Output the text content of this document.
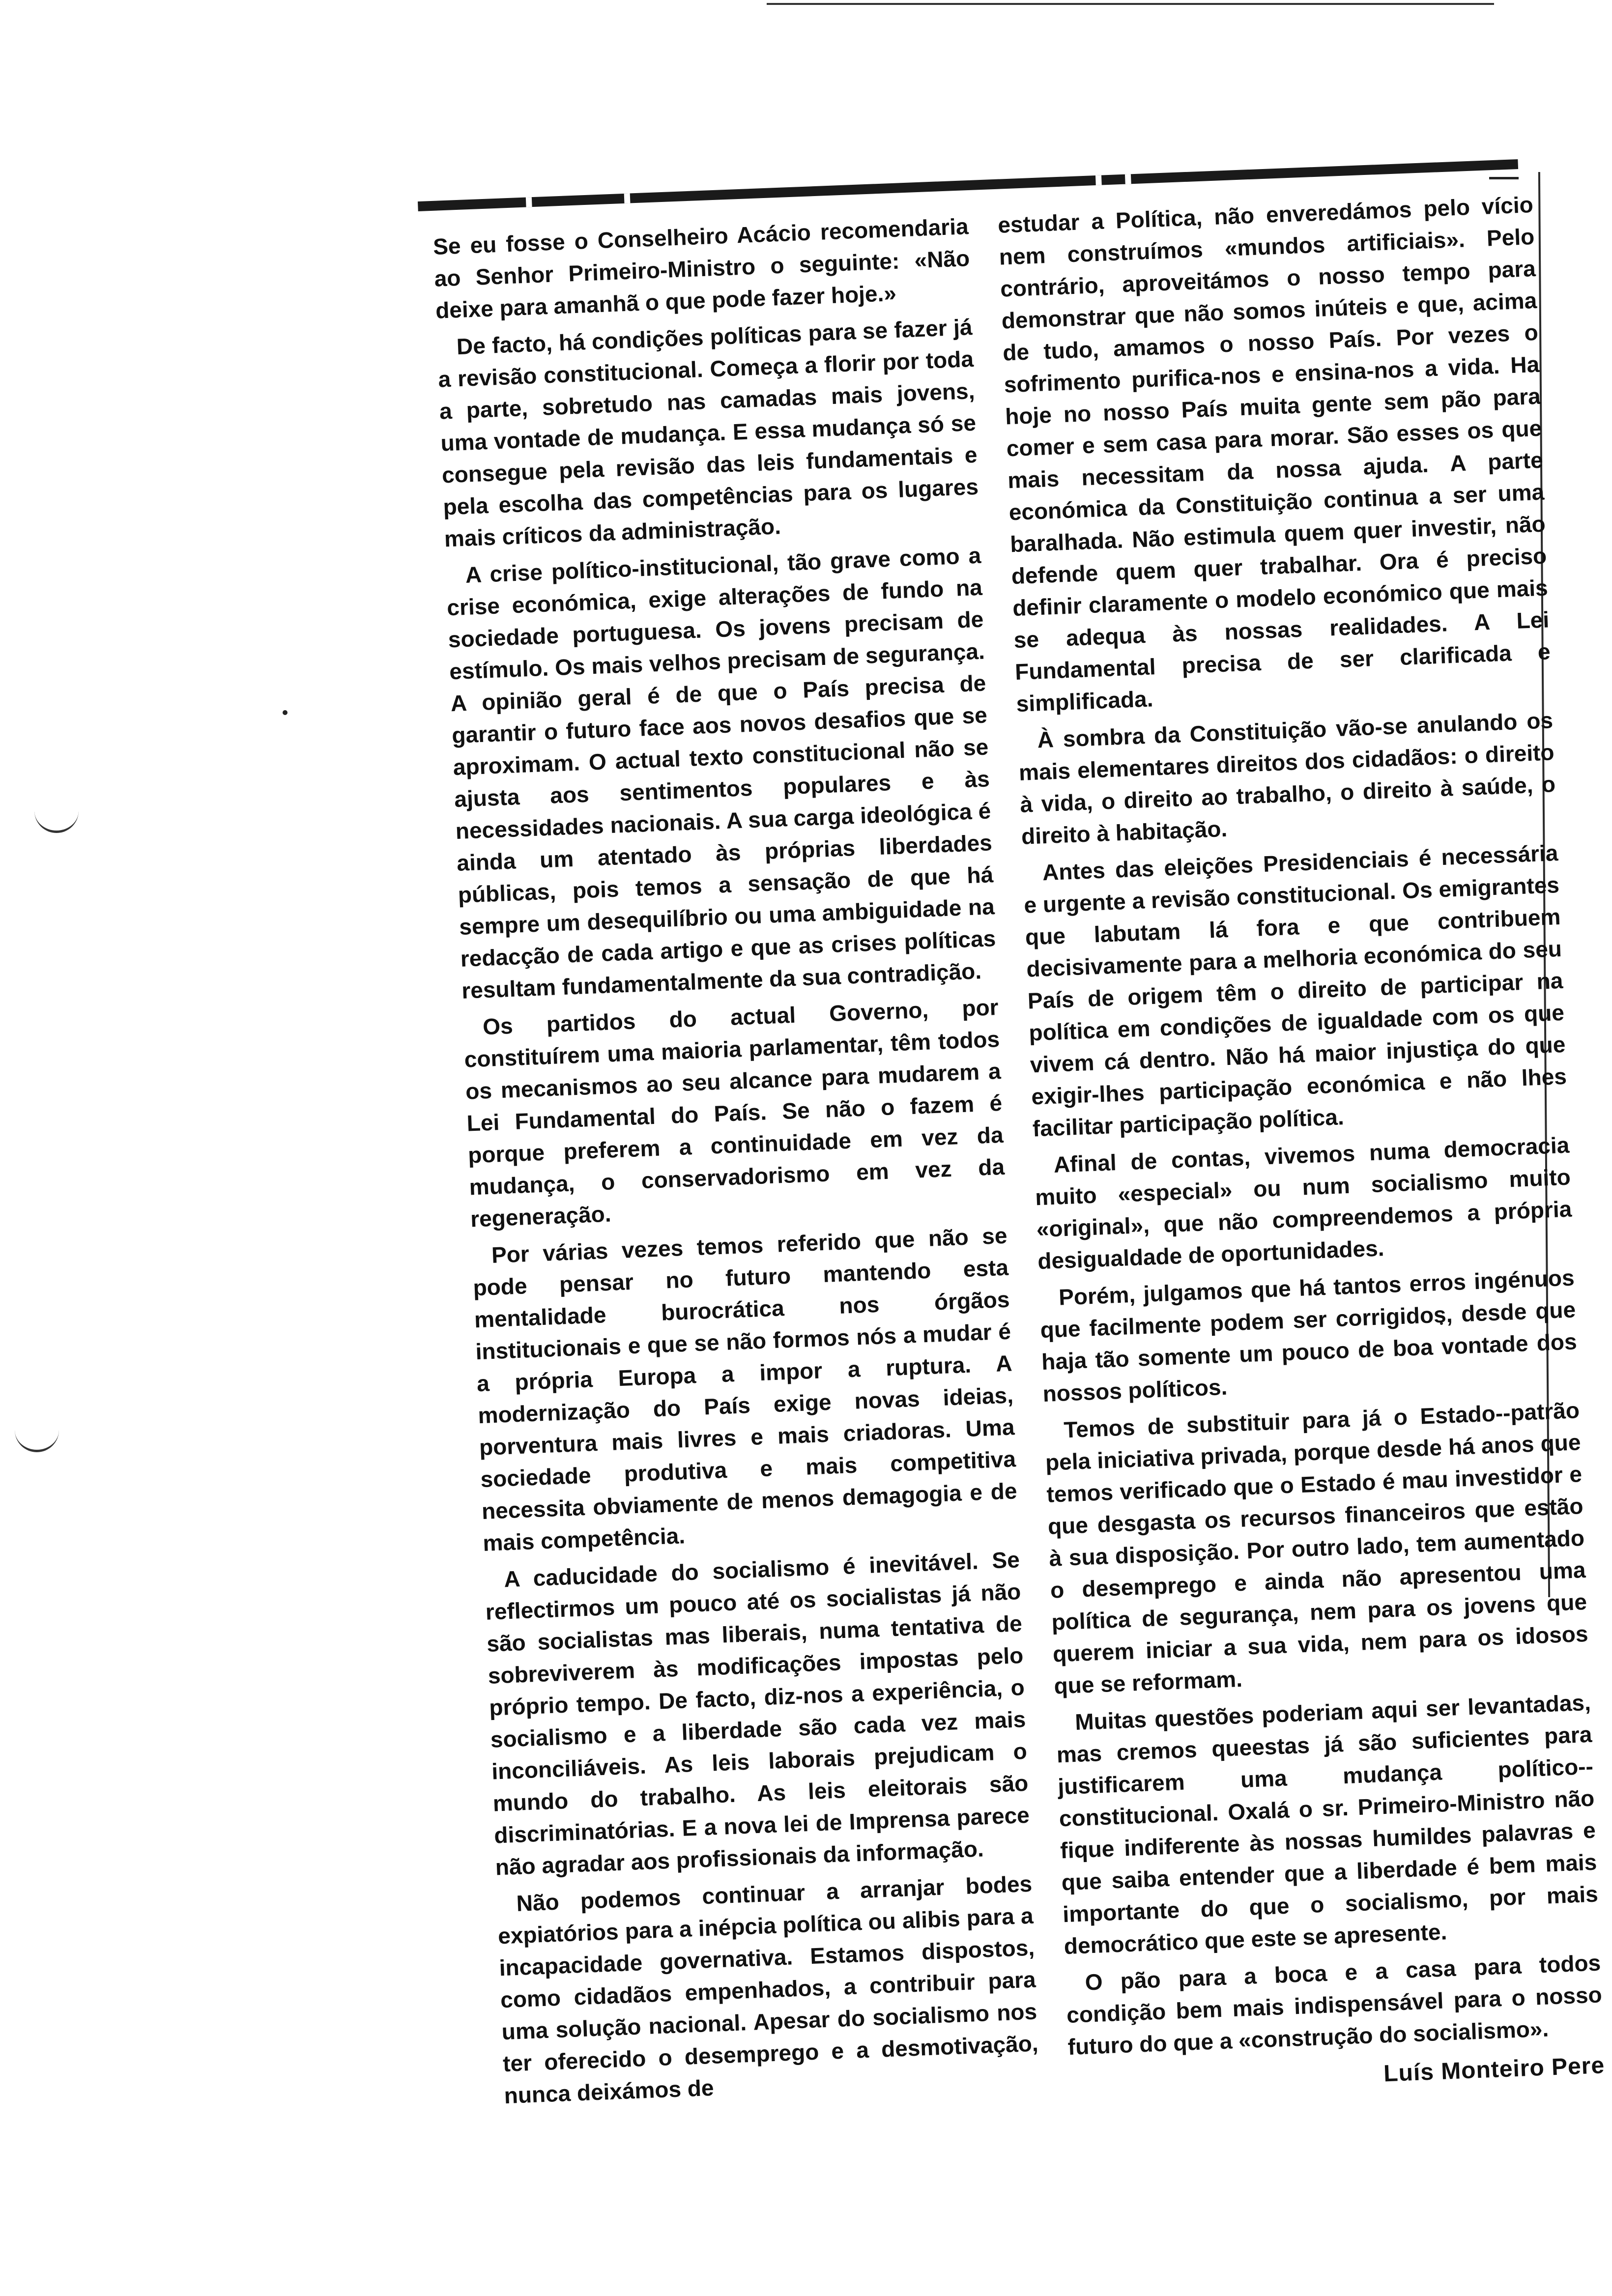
Se eu fosse o Conselheiro Acácio recomendaria ao Senhor Primeiro-Ministro o seguinte: «Não deixe para amanhã o que pode fazer hoje.»

De facto, há condições políticas para se fazer já a revisão constitucional. Começa a florir por toda a parte, sobretudo nas camadas mais jovens, uma vontade de mudança. E essa mudança só se consegue pela revisão das leis fundamentais e pela escolha das competências para os lugares mais críticos da administração.

A crise político-institucional, tão grave como a crise económica, exige alterações de fundo na sociedade portuguesa. Os jovens precisam de estímulo. Os mais velhos precisam de segurança. A opinião geral é de que o País precisa de garantir o futuro face aos novos desafios que se aproximam. O actual texto constitucional não se ajusta aos sentimentos populares e às necessidades nacionais. A sua carga ideológica é ainda um atentado às próprias liberdades públicas, pois temos a sensação de que há sempre um desequilíbrio ou uma ambiguidade na redacção de cada artigo e que as crises políticas resultam fundamentalmente da sua contradição.

Os partidos do actual Governo, por constituírem uma maioria parlamentar, têm todos os mecanismos ao seu alcance para mudarem a Lei Fundamental do País. Se não o fazem é porque preferem a continuidade em vez da mudança, o conservadorismo em vez da regeneração.

Por várias vezes temos referido que não se pode pensar no futuro mantendo esta mentalidade burocrática nos órgãos institucionais e que se não formos nós a mudar é a própria Europa a impor a ruptura. A modernização do País exige novas ideias, porventura mais livres e mais criadoras. Uma sociedade produtiva e mais competitiva necessita obviamente de menos demagogia e de mais competência.

A caducidade do socialismo é inevitável. Se reflectirmos um pouco até os socialistas já não são socialistas mas liberais, numa tentativa de sobreviverem às modificações impostas pelo próprio tempo. De facto, diz-nos a experiência, o socialismo e a liberdade são cada vez mais inconciliáveis. As leis laborais prejudicam o mundo do trabalho. As leis eleitorais são discriminatórias. E a nova lei de Imprensa parece não agradar aos profissionais da informação.

Não podemos continuar a arranjar bodes expiatórios para a inépcia política ou alibis para a incapacidade governativa. Estamos dispostos, como cidadãos empenhados, a contribuir para uma solução nacional. Apesar do socialismo nos ter oferecido o desemprego e a desmotivação, nunca deixámos de

estudar a Política, não enveredámos pelo vício nem construímos «mundos artificiais». Pelo contrário, aproveitámos o nosso tempo para demonstrar que não somos inúteis e que, acima de tudo, amamos o nosso País. Por vezes o sofrimento purifica-nos e ensina-nos a vida. Ha hoje no nosso País muita gente sem pão para comer e sem casa para morar. São esses os que mais necessitam da nossa ajuda. A parte económica da Constituição continua a ser uma baralhada. Não estimula quem quer investir, não defende quem quer trabalhar. Ora é preciso definir claramente o modelo económico que mais se adequa às nossas realidades. A Lei Fundamental precisa de ser clarificada e simplificada.

À sombra da Constituição vão-se anulando os mais elementares direitos dos cidadãos: o direito à vida, o direito ao trabalho, o direito à saúde, o direito à habitação.

Antes das eleições Presidenciais é necessária e urgente a revisão constitucional. Os emigrantes que labutam lá fora e que contribuem decisivamente para a melhoria económica do seu País de origem têm o direito de participar na política em condições de igualdade com os que vivem cá dentro. Não há maior injustiça do que exigir-lhes participação económica e não lhes facilitar participação política.

Afinal de contas, vivemos numa democracia muito «especial» ou num socialismo muito «original», que não compreendemos a própria desigualdade de oportunidades.

Porém, julgamos que há tantos erros ingénuos que facilmente podem ser corrigidos, desde que haja tão somente um pouco de boa vontade dos nossos políticos.

Temos de substituir para já o Estado--patrão pela iniciativa privada, porque desde há anos que temos verificado que o Estado é mau investidor e que desgasta os recursos financeiros que estão à sua disposição. Por outro lado, tem aumentado o desemprego e ainda não apresentou uma política de segurança, nem para os jovens que querem iniciar a sua vida, nem para os idosos que se reformam.

Muitas questões poderiam aqui ser levantadas, mas cremos queestas já são suficientes para justificarem uma mudança político--constitucional. Oxalá o sr. Primeiro-Ministro não fique indiferente às nossas humildes palavras e que saiba entender que a liberdade é bem mais importante do que o socialismo, por mais democrático que este se apresente.

O pão para a boca e a casa para todos condição bem mais indispensável para o nosso futuro do que a «construção do socialismo».

Luís Monteiro Pere
